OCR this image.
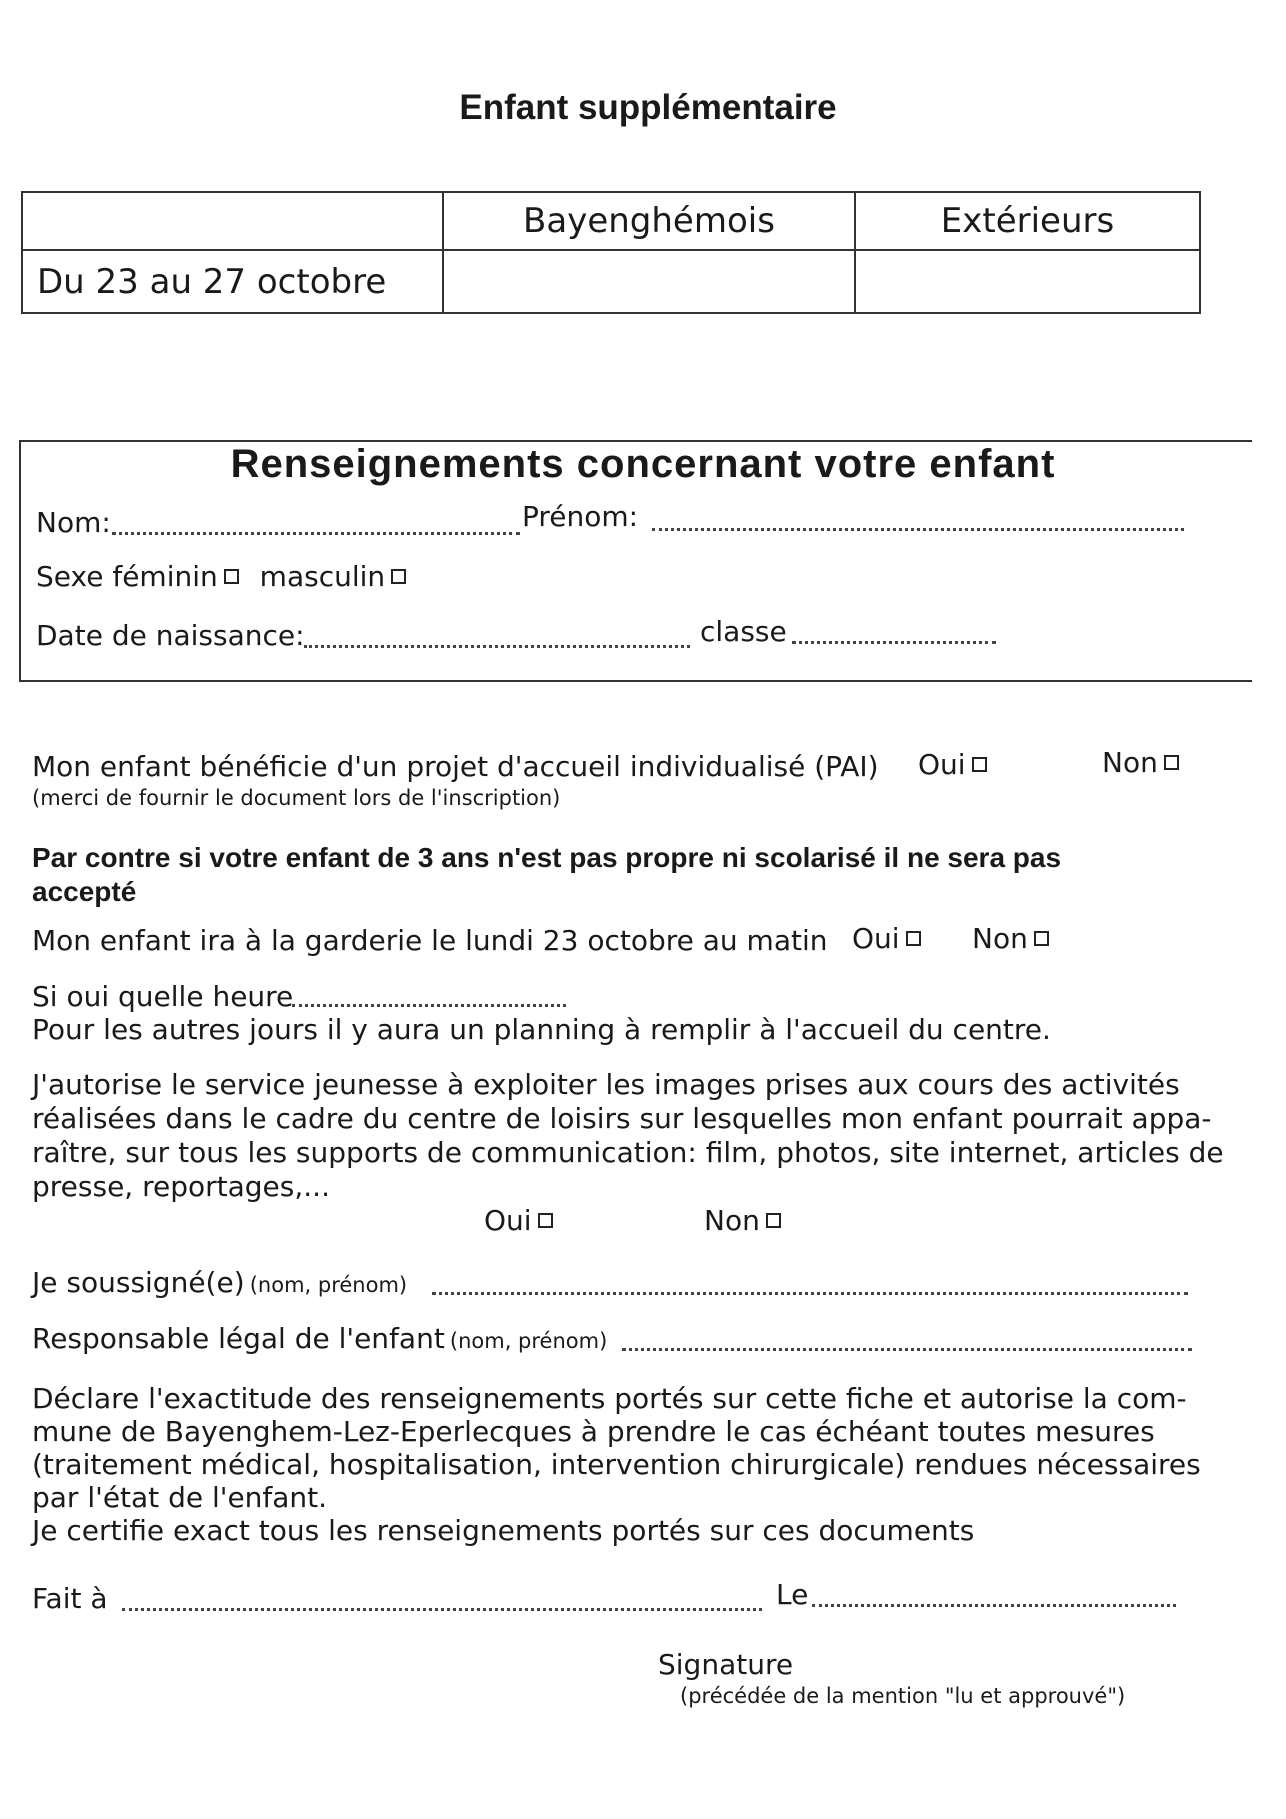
Enfant supplémentaire
	Bayenghémois	Extérieurs
Du 23 au 27 octobre		
Renseignements concernant votre enfant
Nom:	Prénom:
Sexe féminin masculin
Date de naissance:	classe
Mon enfant bénéficie d'un projet d'accueil individualisé (PAI) Oui	Non
(merci de fournir le document lors de l'inscription)
Par contre si votre enfant de 3 ans n'est pas propre ni scolarisé il ne sera pas
accepté
Mon enfant ira à la garderie le lundi 23 octobre au matin Oui	Non
Si oui quelle heure
Pour les autres jours il y aura un planning à remplir à l'accueil du centre.
J'autorise le service jeunesse à exploiter les images prises aux cours des activités
réalisées dans le cadre du centre de loisirs sur lesquelles mon enfant pourrait appa-
raître, sur tous les supports de communication: film, photos, site internet, articles de
presse, reportages,...
Oui	Non
Je soussigné(e) (nom, prénom)
Responsable légal de l'enfant (nom, prénom)
Déclare l'exactitude des renseignements portés sur cette fiche et autorise la com-
mune de Bayenghem-Lez-Eperlecques à prendre le cas échéant toutes mesures
(traitement médical, hospitalisation, intervention chirurgicale) rendues nécessaires
par l'état de l'enfant.
Je certifie exact tous les renseignements portés sur ces documents
Fait à	Le
Signature
(précédée de la mention "lu et approuvé")
